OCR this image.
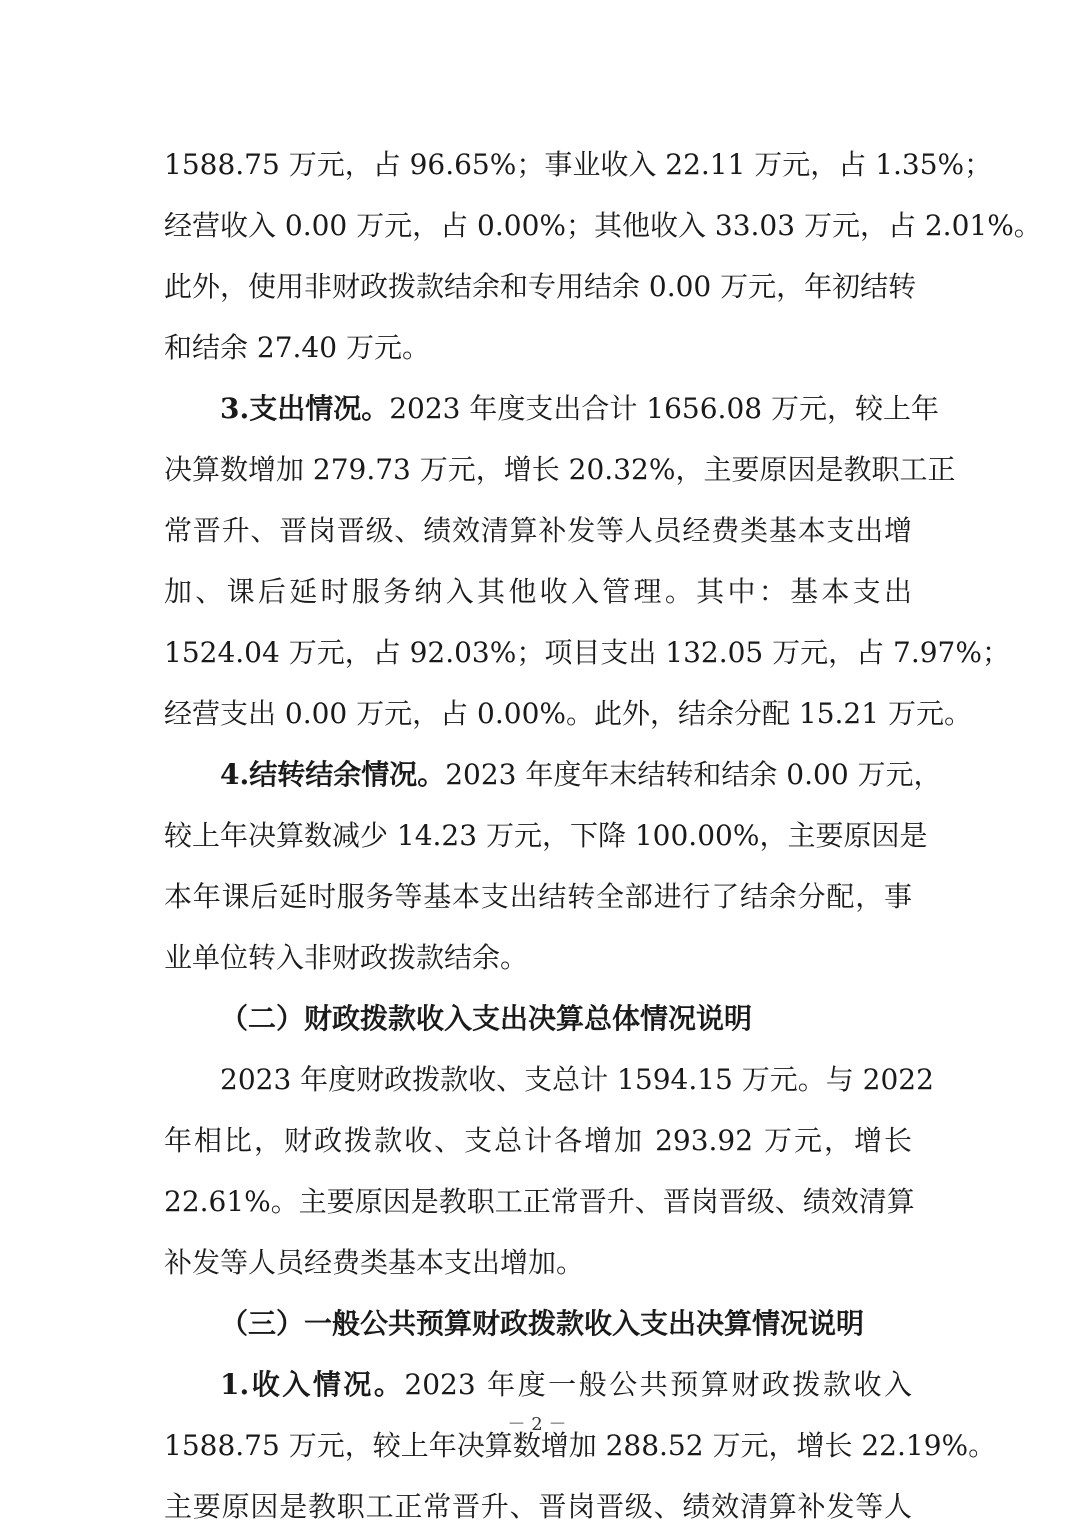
1588.75 万元，占 96.65%；事业收入 22.11 万元，占 1.35%；
经营收入 0.00 万元，占 0.00%；其他收入 33.03 万元，占 2.01%。
此外，使用非财政拨款结余和专用结余 0.00 万元，年初结转
和结余 27.40 万元。
3.支出情况。2023 年度支出合计 1656.08 万元，较上年
决算数增加 279.73 万元，增长 20.32%，主要原因是教职工正
常晋升、晋岗晋级、绩效清算补发等人员经费类基本支出增
加、课后延时服务纳入其他收入管理。其中：基本支出
1524.04 万元，占 92.03%；项目支出 132.05 万元，占 7.97%；
经营支出 0.00 万元，占 0.00%。此外，结余分配 15.21 万元。
4.结转结余情况。2023 年度年末结转和结余 0.00 万元，
较上年决算数减少 14.23 万元，下降 100.00%，主要原因是
本年课后延时服务等基本支出结转全部进行了结余分配，事
业单位转入非财政拨款结余。
（二）财政拨款收入支出决算总体情况说明
2023 年度财政拨款收、支总计 1594.15 万元。与 2022
年相比，财政拨款收、支总计各增加 293.92 万元，增长
22.61%。主要原因是教职工正常晋升、晋岗晋级、绩效清算
补发等人员经费类基本支出增加。
（三）一般公共预算财政拨款收入支出决算情况说明
1.收入情况。2023 年度一般公共预算财政拨款收入
1588.75 万元，较上年决算数增加 288.52 万元，增长 22.19%。
主要原因是教职工正常晋升、晋岗晋级、绩效清算补发等人
－ 2 －
